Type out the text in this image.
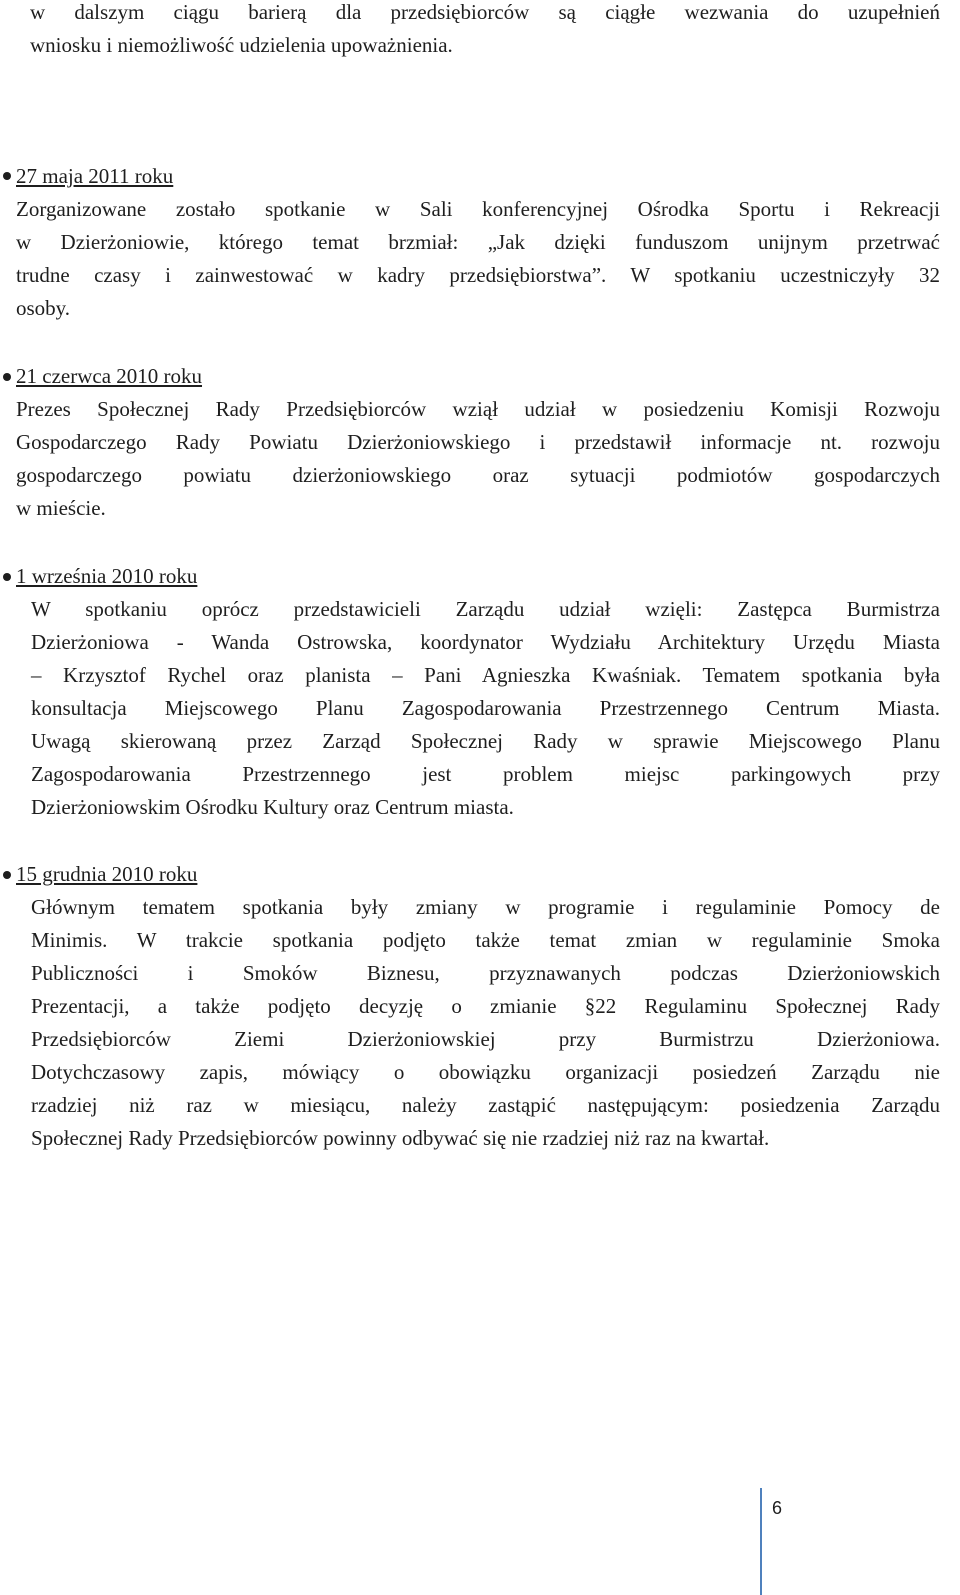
w dalszym ciągu barierą dla przedsiębiorców są ciągłe wezwania do uzupełnień
wniosku i niemożliwość udzielenia upoważnienia.
27 maja 2011 roku
Zorganizowane zostało spotkanie w Sali konferencyjnej Ośrodka Sportu i Rekreacji
w Dzierżoniowie, którego temat brzmiał: „Jak dzięki funduszom unijnym przetrwać
trudne czasy i zainwestować w kadry przedsiębiorstwa”. W spotkaniu uczestniczyły 32
osoby.
21 czerwca 2010 roku
Prezes Społecznej Rady Przedsiębiorców wziął udział w posiedzeniu Komisji Rozwoju
Gospodarczego Rady Powiatu Dzierżoniowskiego i przedstawił informacje nt. rozwoju
gospodarczego powiatu dzierżoniowskiego oraz sytuacji podmiotów gospodarczych
w mieście.
1 września 2010 roku
W spotkaniu oprócz przedstawicieli Zarządu udział wzięli: Zastępca Burmistrza
Dzierżoniowa - Wanda Ostrowska, koordynator Wydziału Architektury Urzędu Miasta
– Krzysztof Rychel oraz planista – Pani Agnieszka Kwaśniak. Tematem spotkania była
konsultacja Miejscowego Planu Zagospodarowania Przestrzennego Centrum Miasta.
Uwagą skierowaną przez Zarząd Społecznej Rady w sprawie Miejscowego Planu
Zagospodarowania Przestrzennego jest problem miejsc parkingowych przy
Dzierżoniowskim Ośrodku Kultury oraz Centrum miasta.
15 grudnia 2010 roku
Głównym tematem spotkania były zmiany w programie i regulaminie Pomocy de
Minimis. W trakcie spotkania podjęto także temat zmian w regulaminie Smoka
Publiczności i Smoków Biznesu, przyznawanych podczas Dzierżoniowskich
Prezentacji, a także podjęto decyzję o zmianie §22 Regulaminu Społecznej Rady
Przedsiębiorców Ziemi Dzierżoniowskiej przy Burmistrzu Dzierżoniowa.
Dotychczasowy zapis, mówiący o obowiązku organizacji posiedzeń Zarządu nie
rzadziej niż raz w miesiącu, należy zastąpić następującym: posiedzenia Zarządu
Społecznej Rady Przedsiębiorców powinny odbywać się nie rzadziej niż raz na kwartał.
6
